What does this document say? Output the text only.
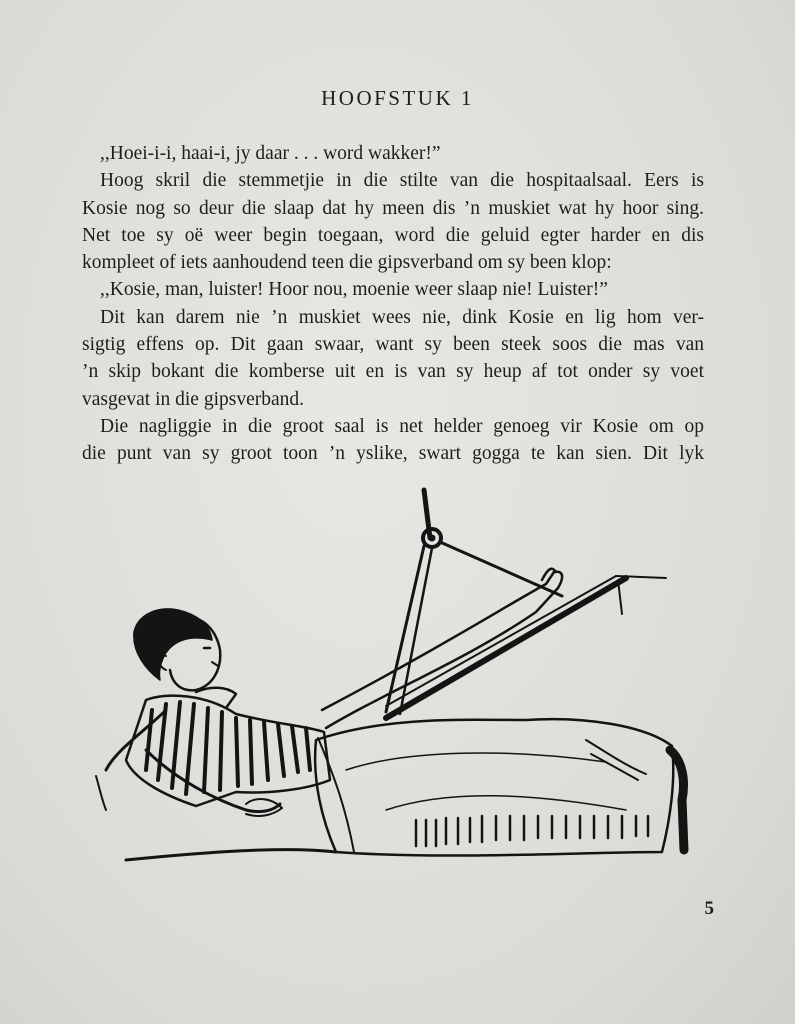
HOOFSTUK 1
,,Hoei-i-i, haai-i, jy daar . . . word wakker!”
Hoog skril die stemmetjie in die stilte van die hospitaalsaal. Eers is
Kosie nog so deur die slaap dat hy meen dis ’n muskiet wat hy hoor sing.
Net toe sy oë weer begin toegaan, word die geluid egter harder en dis
kompleet of iets aanhoudend teen die gipsverband om sy been klop:
,,Kosie, man, luister! Hoor nou, moenie weer slaap nie! Luister!”
Dit kan darem nie ’n muskiet wees nie, dink Kosie en lig hom ver-
sigtig effens op. Dit gaan swaar, want sy been steek soos die mas van
’n skip bokant die komberse uit en is van sy heup af tot onder sy voet
vasgevat in die gipsverband.
Die nagliggie in die groot saal is net helder genoeg vir Kosie om op
die punt van sy groot toon ’n yslike, swart gogga te kan sien. Dit lyk
5
